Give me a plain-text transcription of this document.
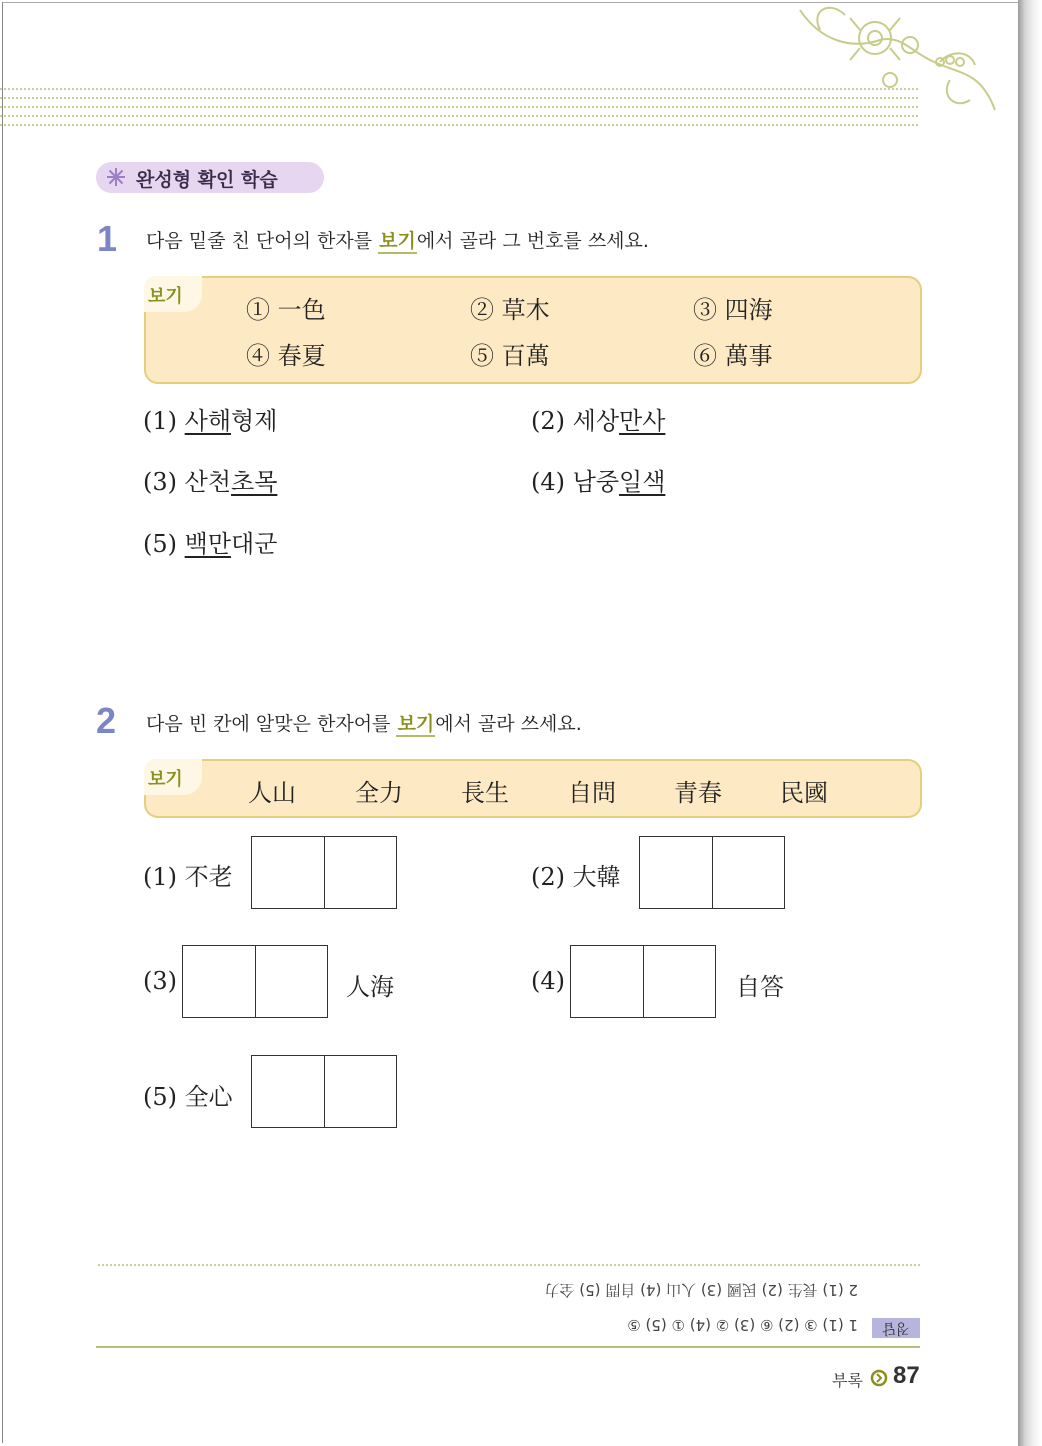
완성형 확인 학습
1 다음 밑줄 친 단어의 한자를 보기에서 골라 그 번호를 쓰세요.
보기	① 一色	② 草木	③ 四海
④ 春夏	⑤ 百萬	⑥ 萬事
(1) 사해형제	(2) 세상만사
(3) 산천초목	(4) 남중일색
(5) 백만대군
2 다음 빈 칸에 알맞은 한자어를 보기에서 골라 쓰세요.
보기	人山 全力 長生 自問 青春 民國
(1) 不老	(2) 大韓
(3)	人海	(4)	自答
(5) 全心
2 (1) 長生 (2) 民國 (3) 人山 (4) 自問 (5) 全力
1 (1) ③ (2) ⑥ (3) ② (4) ① (5) ⑤	정답
부록 87
